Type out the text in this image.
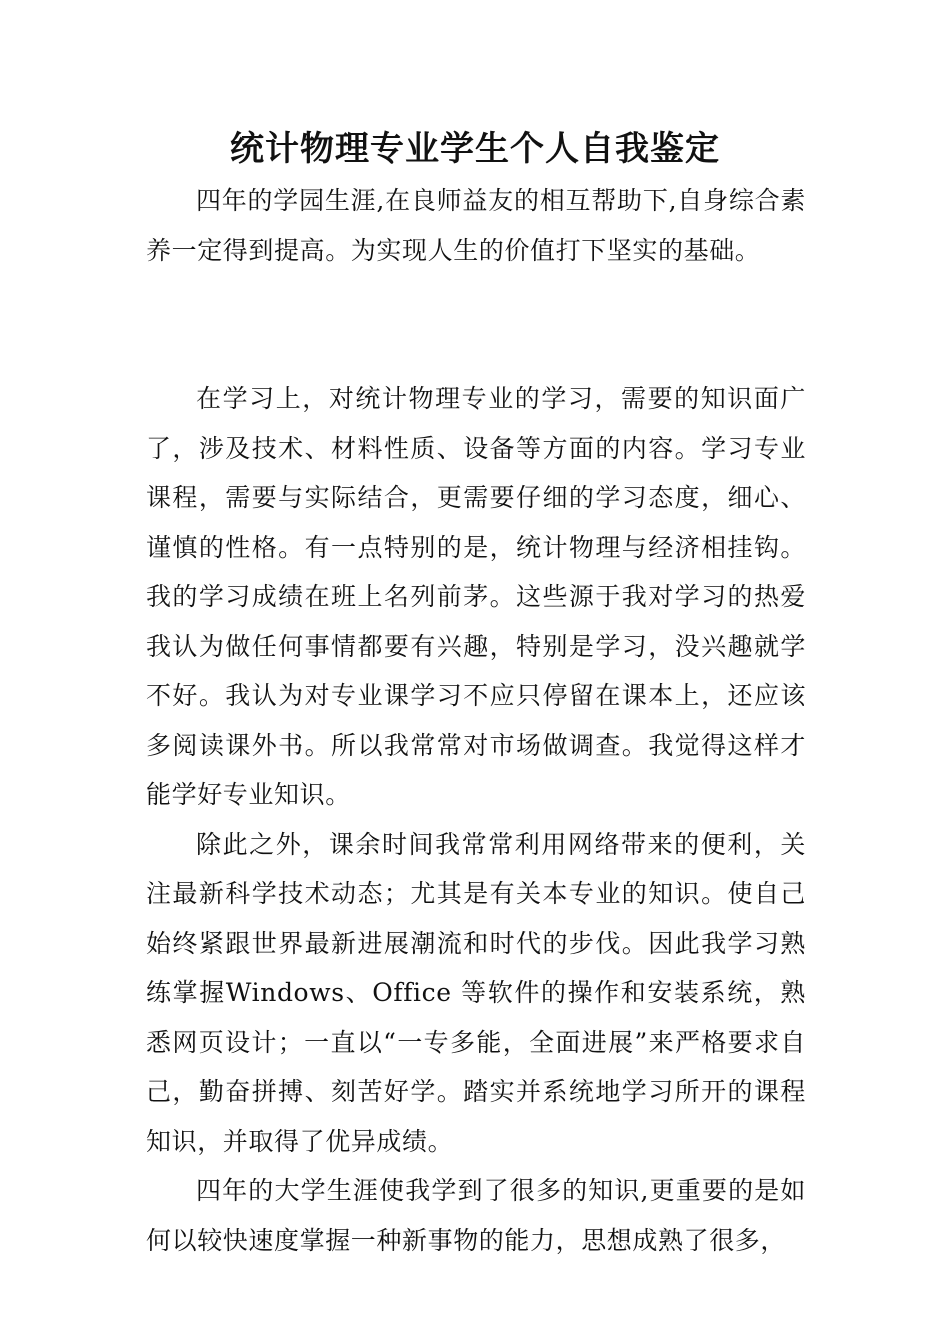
统计物理专业学生个人自我鉴定

四年的学园生涯,在良师益友的相互帮助下,自身综合素养一定得到提高。为实现人生的价值打下坚实的基础。

在学习上，对统计物理专业的学习，需要的知识面广了，涉及技术、材料性质、设备等方面的内容。学习专业课程，需要与实际结合，更需要仔细的学习态度，细心、谨慎的性格。有一点特别的是，统计物理与经济相挂钩。我的学习成绩在班上名列前茅。这些源于我对学习的热爱我认为做任何事情都要有兴趣，特别是学习，没兴趣就学不好。我认为对专业课学习不应只停留在课本上，还应该多阅读课外书。所以我常常对市场做调查。我觉得这样才能学好专业知识。

除此之外，课余时间我常常利用网络带来的便利，关注最新科学技术动态；尤其是有关本专业的知识。使自己始终紧跟世界最新进展潮流和时代的步伐。因此我学习熟练掌握Windows、Office 等软件的操作和安装系统，熟悉网页设计；一直以“一专多能，全面进展”来严格要求自己，勤奋拼搏、刻苦好学。踏实并系统地学习所开的课程知识，并取得了优异成绩。

四年的大学生涯使我学到了很多的知识,更重要的是如何以较快速度掌握一种新事物的能力，思想成熟了很多，
